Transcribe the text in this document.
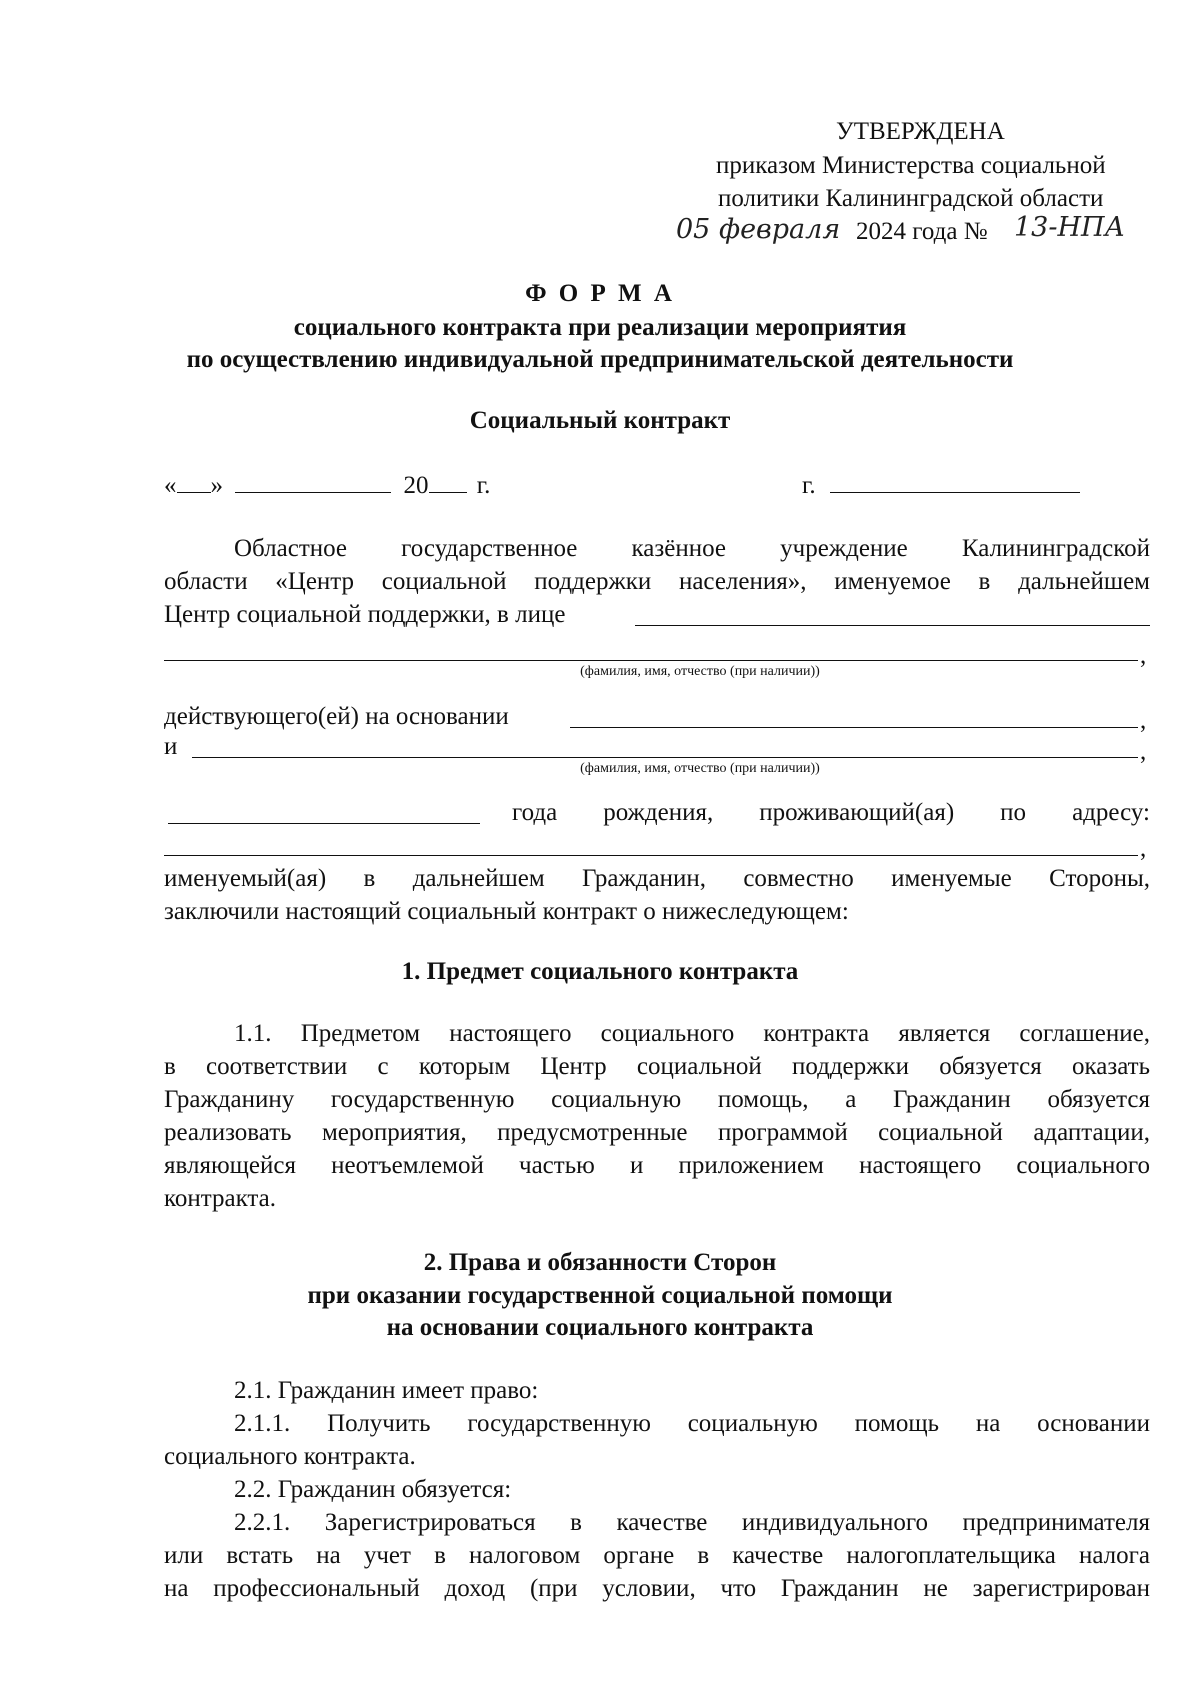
УТВЕРЖДЕНА
приказом Министерства социальной
политики Калининградской области
05 февраля 2024 года № 13-НПА
Ф О Р М А
социального контракта при реализации мероприятия
по осуществлению индивидуальной предпринимательской деятельности
Социальный контракт
« »	20 г.	г.
Областное государственное казённое учреждение Калининградской
области «Центр социальной поддержки населения», именуемое в дальнейшем
Центр социальной поддержки, в лице
,
(фамилия, имя, отчество (при наличии))
действующего(ей) на основании	,
и	,
(фамилия, имя, отчество (при наличии))
года рождения, проживающий(ая) по адресу:
,
именуемый(ая) в дальнейшем Гражданин, совместно именуемые Стороны,
заключили настоящий социальный контракт о нижеследующем:
1. Предмет социального контракта
1.1. Предметом настоящего социального контракта является соглашение,
в соответствии с которым Центр социальной поддержки обязуется оказать
Гражданину государственную социальную помощь, а Гражданин обязуется
реализовать мероприятия, предусмотренные программой социальной адаптации,
являющейся неотъемлемой частью и приложением настоящего социального
контракта.
2. Права и обязанности Сторон
при оказании государственной социальной помощи
на основании социального контракта
2.1. Гражданин имеет право:
2.1.1. Получить государственную социальную помощь на основании
социального контракта.
2.2. Гражданин обязуется:
2.2.1. Зарегистрироваться в качестве индивидуального предпринимателя
или встать на учет в налоговом органе в качестве налогоплательщика налога
на профессиональный доход (при условии, что Гражданин не зарегистрирован
